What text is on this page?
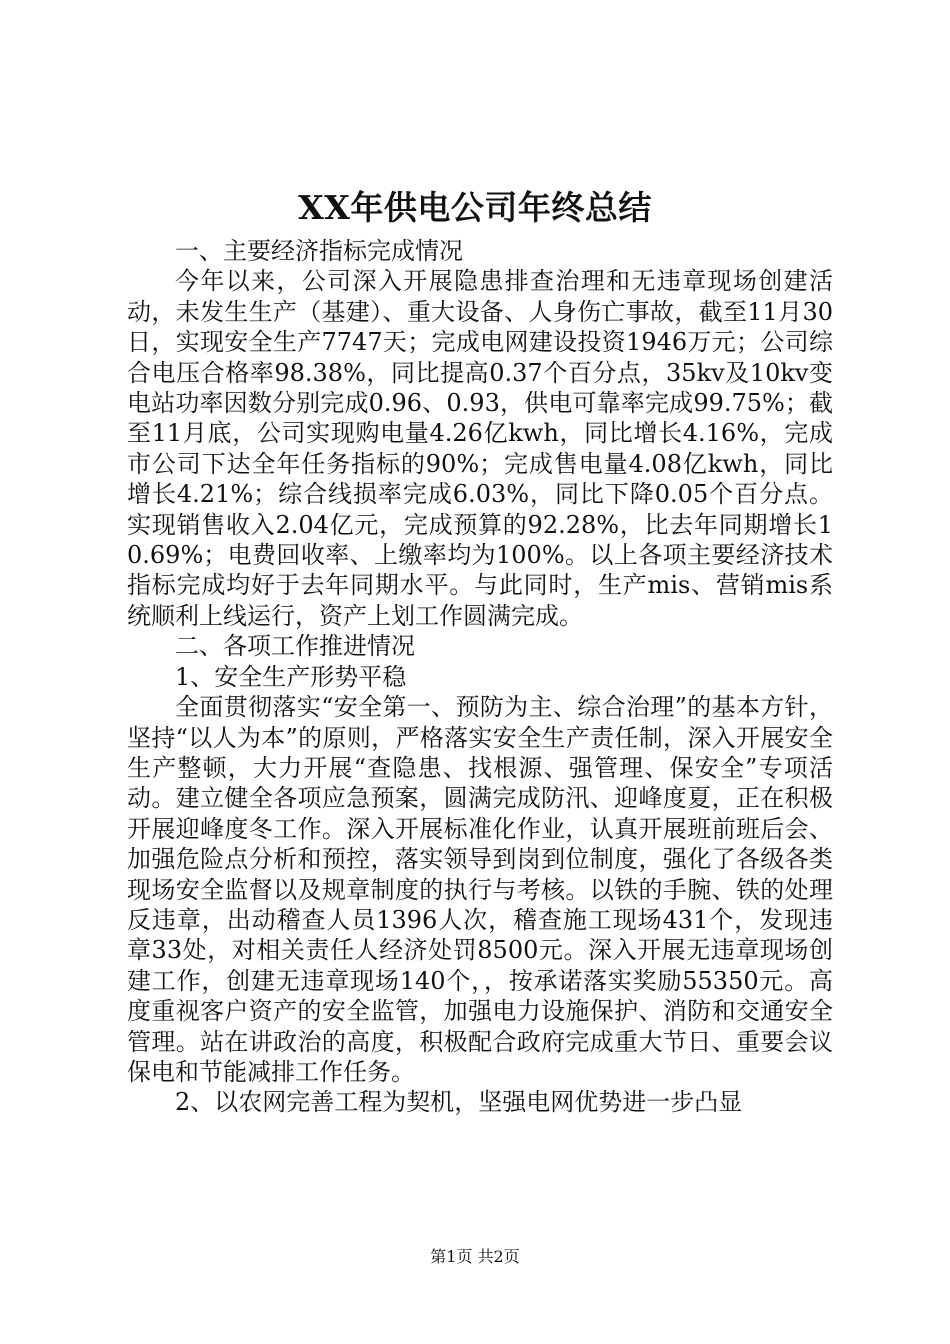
XX年供电公司年终总结

一、主要经济指标完成情况

今年以来，公司深入开展隐患排查治理和无违章现场创建活动，未发生生产（基建）、重大设备、人身伤亡事故，截至11月30日，实现安全生产7747天；完成电网建设投资1946万元；公司综合电压合格率98.38%，同比提高0.37个百分点，35kv及10kv变电站功率因数分别完成0.96、0.93，供电可靠率完成99.75%；截至11月底，公司实现购电量4.26亿kwh，同比增长4.16%，完成市公司下达全年任务指标的90%；完成售电量4.08亿kwh，同比增长4.21%；综合线损率完成6.03%，同比下降0.05个百分点。实现销售收入2.04亿元，完成预算的92.28%，比去年同期增长10.69%；电费回收率、上缴率均为100%。以上各项主要经济技术指标完成均好于去年同期水平。与此同时，生产mis、营销mis系统顺利上线运行，资产上划工作圆满完成。

二、各项工作推进情况

1、安全生产形势平稳

全面贯彻落实“安全第一、预防为主、综合治理”的基本方针，坚持“以人为本”的原则，严格落实安全生产责任制，深入开展安全生产整顿，大力开展“查隐患、找根源、强管理、保安全”专项活动。建立健全各项应急预案，圆满完成防汛、迎峰度夏，正在积极开展迎峰度冬工作。深入开展标准化作业，认真开展班前班后会、加强危险点分析和预控，落实领导到岗到位制度，强化了各级各类现场安全监督以及规章制度的执行与考核。以铁的手腕、铁的处理反违章，出动稽查人员1396人次，稽查施工现场431个，发现违章33处，对相关责任人经济处罚8500元。深入开展无违章现场创建工作，创建无违章现场140个，，按承诺落实奖励55350元。高度重视客户资产的安全监管，加强电力设施保护、消防和交通安全管理。站在讲政治的高度，积极配合政府完成重大节日、重要会议保电和节能减排工作任务。

2、以农网完善工程为契机，坚强电网优势进一步凸显

第1页 共2页
